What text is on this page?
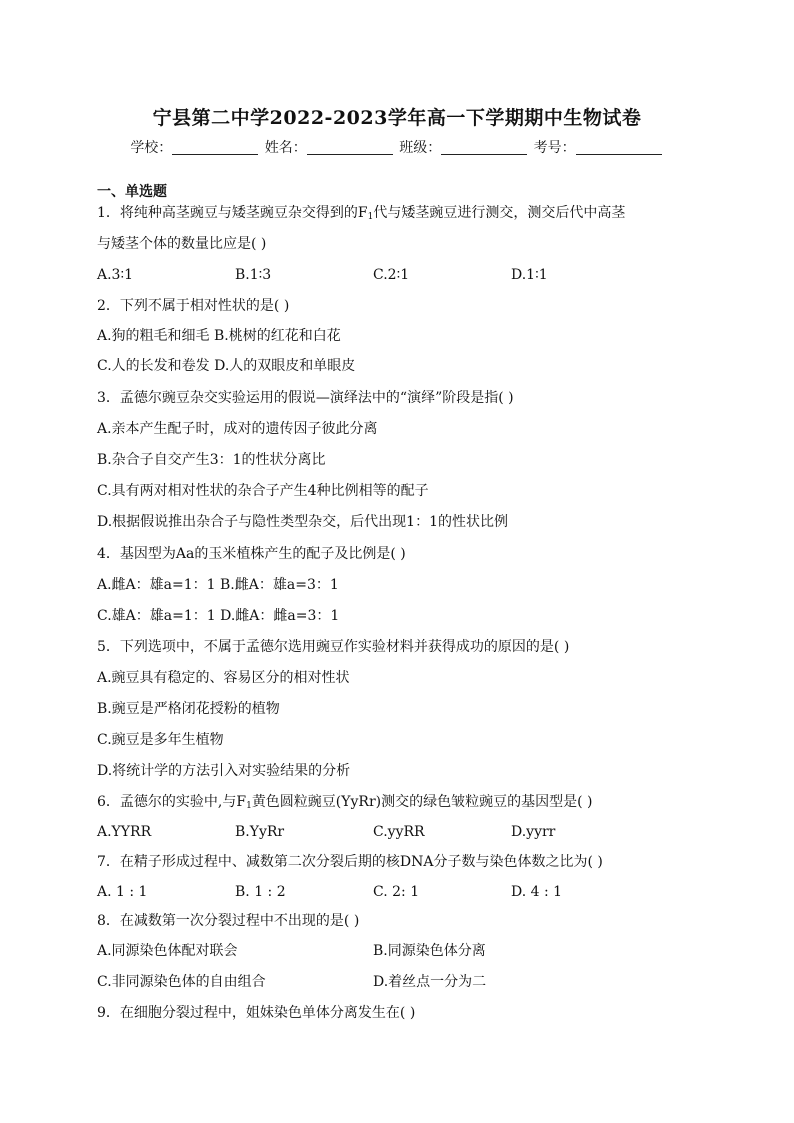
宁县第二中学2022-2023学年高一下学期期中生物试卷
学校：	姓名：	班级：	考号：
一、单选题
1．将纯种高茎豌豆与矮茎豌豆杂交得到的$F_1$代与矮茎豌豆进行测交，测交后代中高茎
与矮茎个体的数量比应是( )
A.3∶1	B.1∶3	C.2∶1	D.1∶1
2．下列不属于相对性状的是( )
A.狗的粗毛和细毛 B.桃树的红花和白花
C.人的长发和卷发 D.人的双眼皮和单眼皮
3．孟德尔豌豆杂交实验运用的假说—演绎法中的“演绎”阶段是指( )
A.亲本产生配子时，成对的遗传因子彼此分离
B.杂合子自交产生3：1的性状分离比
C.具有两对相对性状的杂合子产生4种比例相等的配子
D.根据假说推出杂合子与隐性类型杂交，后代出现1：1的性状比例
4．基因型为Aa的玉米植株产生的配子及比例是( )
A.雌A：雄a=1：1 B.雌A：雄a=3：1
C.雄A：雄a=1：1 D.雌A：雌a=3：1
5．下列选项中，不属于孟德尔选用豌豆作实验材料并获得成功的原因的是( )
A.豌豆具有稳定的、容易区分的相对性状
B.豌豆是严格闭花授粉的植物
C.豌豆是多年生植物
D.将统计学的方法引入对实验结果的分析
6．孟德尔的实验中,与$F_1$黄色圆粒豌豆(YyRr)测交的绿色皱粒豌豆的基因型是( )
A.YYRR	B.YyRr	C.yyRR	D.yyrr
7．在精子形成过程中、减数第二次分裂后期的核DNA分子数与染色体数之比为( )
A. 1 : 1	B. 1 : 2	C. 2: 1	D. 4 : 1
8．在减数第一次分裂过程中不出现的是( )
A.同源染色体配对联会	B.同源染色体分离
C.非同源染色体的自由组合	D.着丝点一分为二
9．在细胞分裂过程中，姐妹染色单体分离发生在( )
